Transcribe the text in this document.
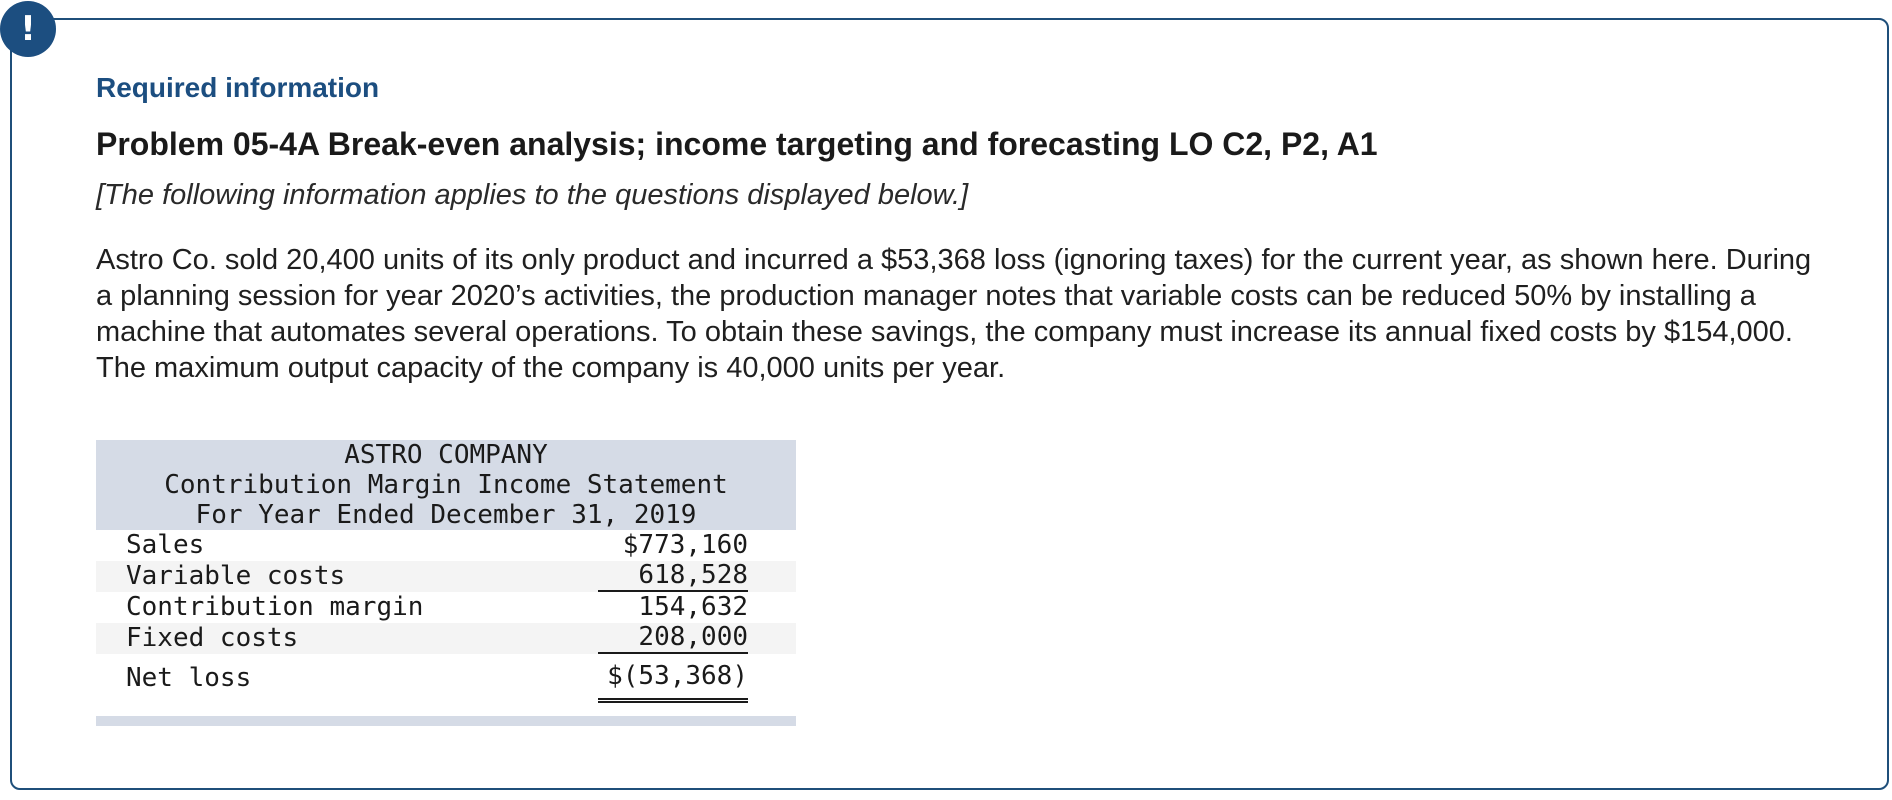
!
Required information
Problem 05-4A Break-even analysis; income targeting and forecasting LO C2, P2, A1
[The following information applies to the questions displayed below.]
Astro Co. sold 20,400 units of its only product and incurred a $53,368 loss (ignoring taxes) for the current year, as shown here. During a planning session for year 2020’s activities, the production manager notes that variable costs can be reduced 50% by installing a machine that automates several operations. To obtain these savings, the company must increase its annual fixed costs by $154,000. The maximum output capacity of the company is 40,000 units per year.
ASTRO COMPANY
Contribution Margin Income Statement
For Year Ended December 31, 2019
Sales	$773,160
Variable costs	618,528
Contribution margin	154,632
Fixed costs	208,000
Net loss	$(53,368)
